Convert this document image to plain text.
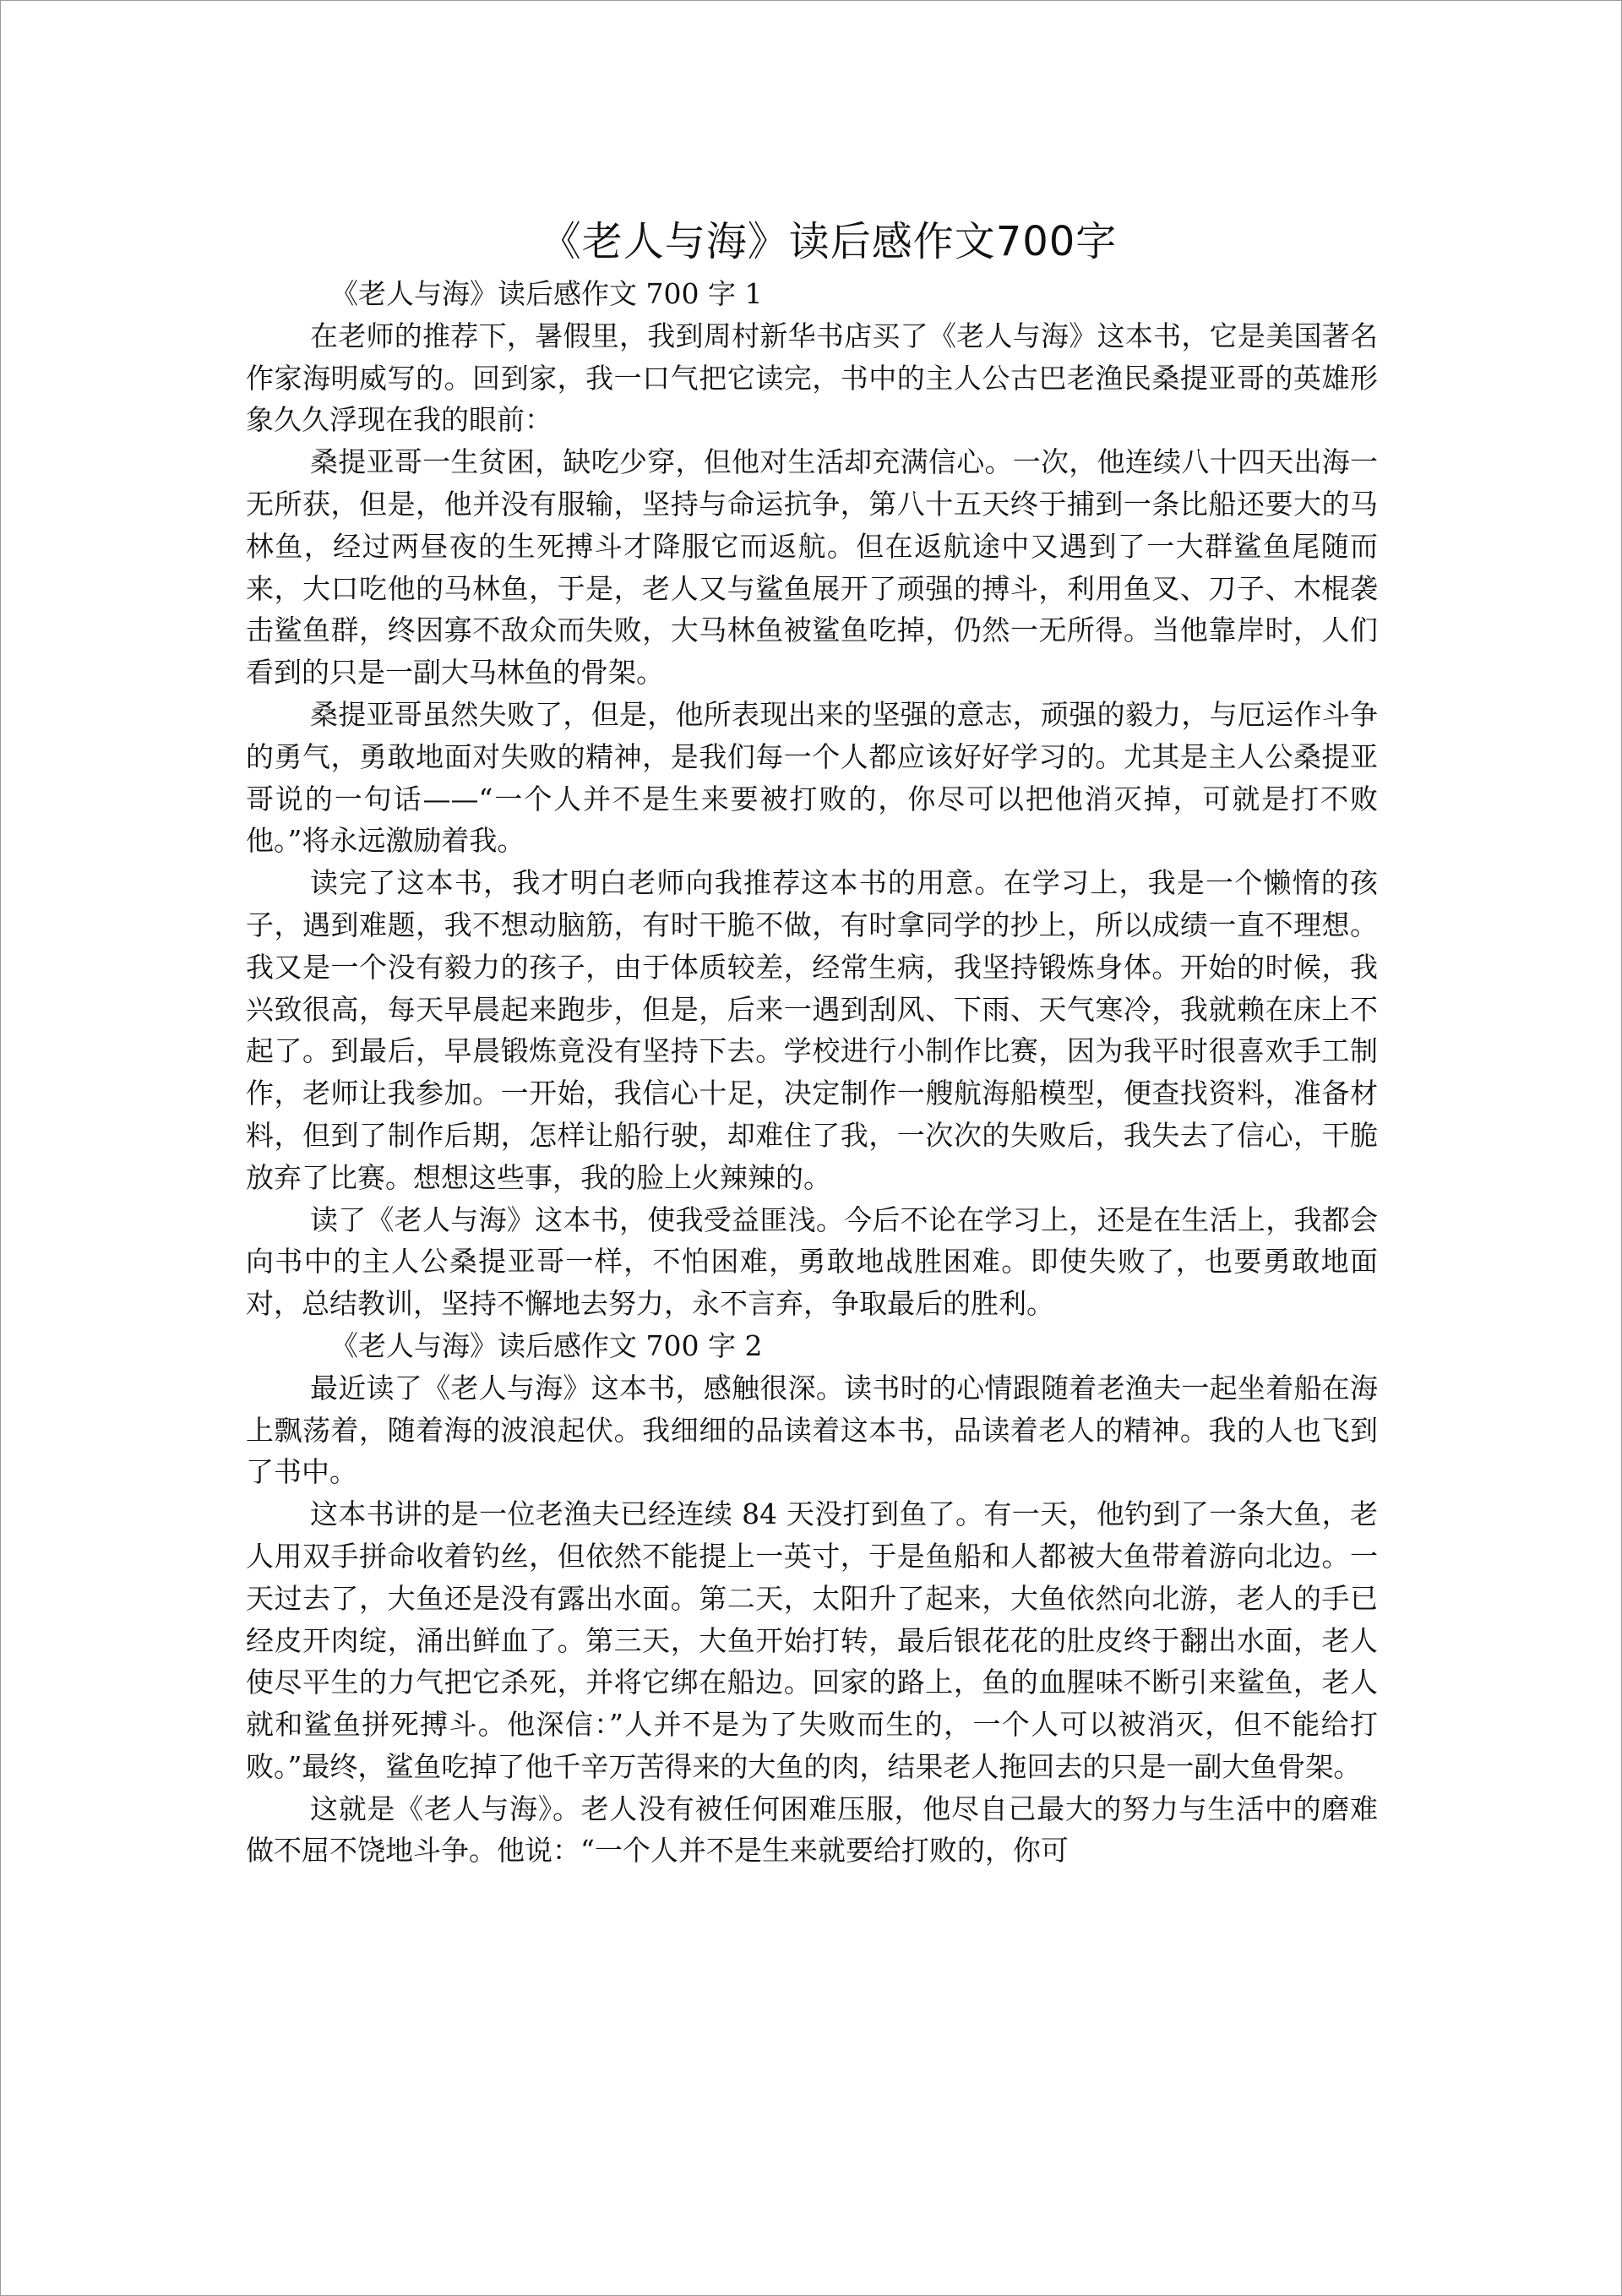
《老人与海》读后感作文700字

《老人与海》读后感作文 700 字 1

在老师的推荐下，暑假里，我到周村新华书店买了《老人与海》这本书，它是美国著名作家海明威写的。回到家，我一口气把它读完，书中的主人公古巴老渔民桑提亚哥的英雄形象久久浮现在我的眼前：

桑提亚哥一生贫困，缺吃少穿，但他对生活却充满信心。一次，他连续八十四天出海一无所获，但是，他并没有服输，坚持与命运抗争，第八十五天终于捕到一条比船还要大的马林鱼，经过两昼夜的生死搏斗才降服它而返航。但在返航途中又遇到了一大群鲨鱼尾随而来，大口吃他的马林鱼，于是，老人又与鲨鱼展开了顽强的搏斗，利用鱼叉、刀子、木棍袭击鲨鱼群，终因寡不敌众而失败，大马林鱼被鲨鱼吃掉，仍然一无所得。当他靠岸时，人们看到的只是一副大马林鱼的骨架。

桑提亚哥虽然失败了，但是，他所表现出来的坚强的意志，顽强的毅力，与厄运作斗争的勇气，勇敢地面对失败的精神，是我们每一个人都应该好好学习的。尤其是主人公桑提亚哥说的一句话——“一个人并不是生来要被打败的，你尽可以把他消灭掉，可就是打不败他。”将永远激励着我。

读完了这本书，我才明白老师向我推荐这本书的用意。在学习上，我是一个懒惰的孩子，遇到难题，我不想动脑筋，有时干脆不做，有时拿同学的抄上，所以成绩一直不理想。我又是一个没有毅力的孩子，由于体质较差，经常生病，我坚持锻炼身体。开始的时候，我兴致很高，每天早晨起来跑步，但是，后来一遇到刮风、下雨、天气寒冷，我就赖在床上不起了。到最后，早晨锻炼竟没有坚持下去。学校进行小制作比赛，因为我平时很喜欢手工制作，老师让我参加。一开始，我信心十足，决定制作一艘航海船模型，便查找资料，准备材料，但到了制作后期，怎样让船行驶，却难住了我，一次次的失败后，我失去了信心，干脆放弃了比赛。想想这些事，我的脸上火辣辣的。

读了《老人与海》这本书，使我受益匪浅。今后不论在学习上，还是在生活上，我都会向书中的主人公桑提亚哥一样，不怕困难，勇敢地战胜困难。即使失败了，也要勇敢地面对，总结教训，坚持不懈地去努力，永不言弃，争取最后的胜利。

《老人与海》读后感作文 700 字 2

最近读了《老人与海》这本书，感触很深。读书时的心情跟随着老渔夫一起坐着船在海上飘荡着，随着海的波浪起伏。我细细的品读着这本书，品读着老人的精神。我的人也飞到了书中。

这本书讲的是一位老渔夫已经连续 84 天没打到鱼了。有一天，他钓到了一条大鱼，老人用双手拼命收着钓丝，但依然不能提上一英寸，于是鱼船和人都被大鱼带着游向北边。一天过去了，大鱼还是没有露出水面。第二天，太阳升了起来，大鱼依然向北游，老人的手已经皮开肉绽，涌出鲜血了。第三天，大鱼开始打转，最后银花花的肚皮终于翻出水面，老人使尽平生的力气把它杀死，并将它绑在船边。回家的路上，鱼的血腥味不断引来鲨鱼，老人就和鲨鱼拼死搏斗。他深信：”人并不是为了失败而生的，一个人可以被消灭，但不能给打败。”最终，鲨鱼吃掉了他千辛万苦得来的大鱼的肉，结果老人拖回去的只是一副大鱼骨架。

这就是《老人与海》。老人没有被任何困难压服，他尽自己最大的努力与生活中的磨难做不屈不饶地斗争。他说：“一个人并不是生来就要给打败的，你可
